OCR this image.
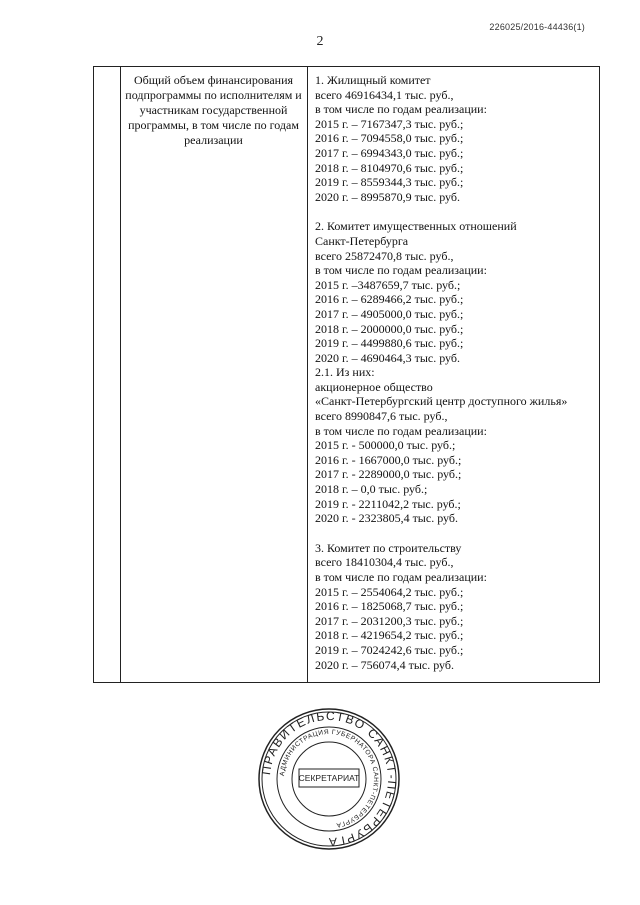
226025/2016-44436(1)
2
Общий объем финансирования подпрограммы по исполнителям и участникам государственной программы, в том числе по годам реализации
1. Жилищный комитет
всего 46916434,1 тыс. руб.,
в том числе по годам реализации:
2015 г. – 7167347,3 тыс. руб.;
2016 г. – 7094558,0 тыс. руб.;
2017 г. – 6994343,0 тыс. руб.;
2018 г. – 8104970,6 тыс. руб.;
2019 г. – 8559344,3 тыс. руб.;
2020 г. – 8995870,9 тыс. руб.
2. Комитет имущественных отношений
Санкт-Петербурга
всего 25872470,8 тыс. руб.,
в том числе по годам реализации:
2015 г. –3487659,7 тыс. руб.;
2016 г. – 6289466,2 тыс. руб.;
2017 г. – 4905000,0 тыс. руб.;
2018 г. – 2000000,0 тыс. руб.;
2019 г. – 4499880,6 тыс. руб.;
2020 г. – 4690464,3 тыс. руб.
2.1. Из них:
акционерное общество
«Санкт-Петербургский центр доступного жилья»
всего 8990847,6 тыс. руб.,
в том числе по годам реализации:
2015 г. - 500000,0 тыс. руб.;
2016 г. - 1667000,0 тыс. руб.;
2017 г. - 2289000,0 тыс. руб.;
2018 г. – 0,0 тыс. руб.;
2019 г. - 2211042,2 тыс. руб.;
2020 г. - 2323805,4 тыс. руб.
3. Комитет по строительству
всего 18410304,4 тыс. руб.,
в том числе по годам реализации:
2015 г. – 2554064,2 тыс. руб.;
2016 г. – 1825068,7 тыс. руб.;
2017 г. – 2031200,3 тыс. руб.;
2018 г. – 4219654,2 тыс. руб.;
2019 г. – 7024242,6 тыс. руб.;
2020 г. – 756074,4 тыс. руб.
ПРАВИТЕЛЬСТВО САНКТ-ПЕТЕРБУРГА
АДМИНИСТРАЦИЯ ГУБЕРНАТОРА САНКТ-ПЕТЕРБУРГА
СЕКРЕТАРИАТ
